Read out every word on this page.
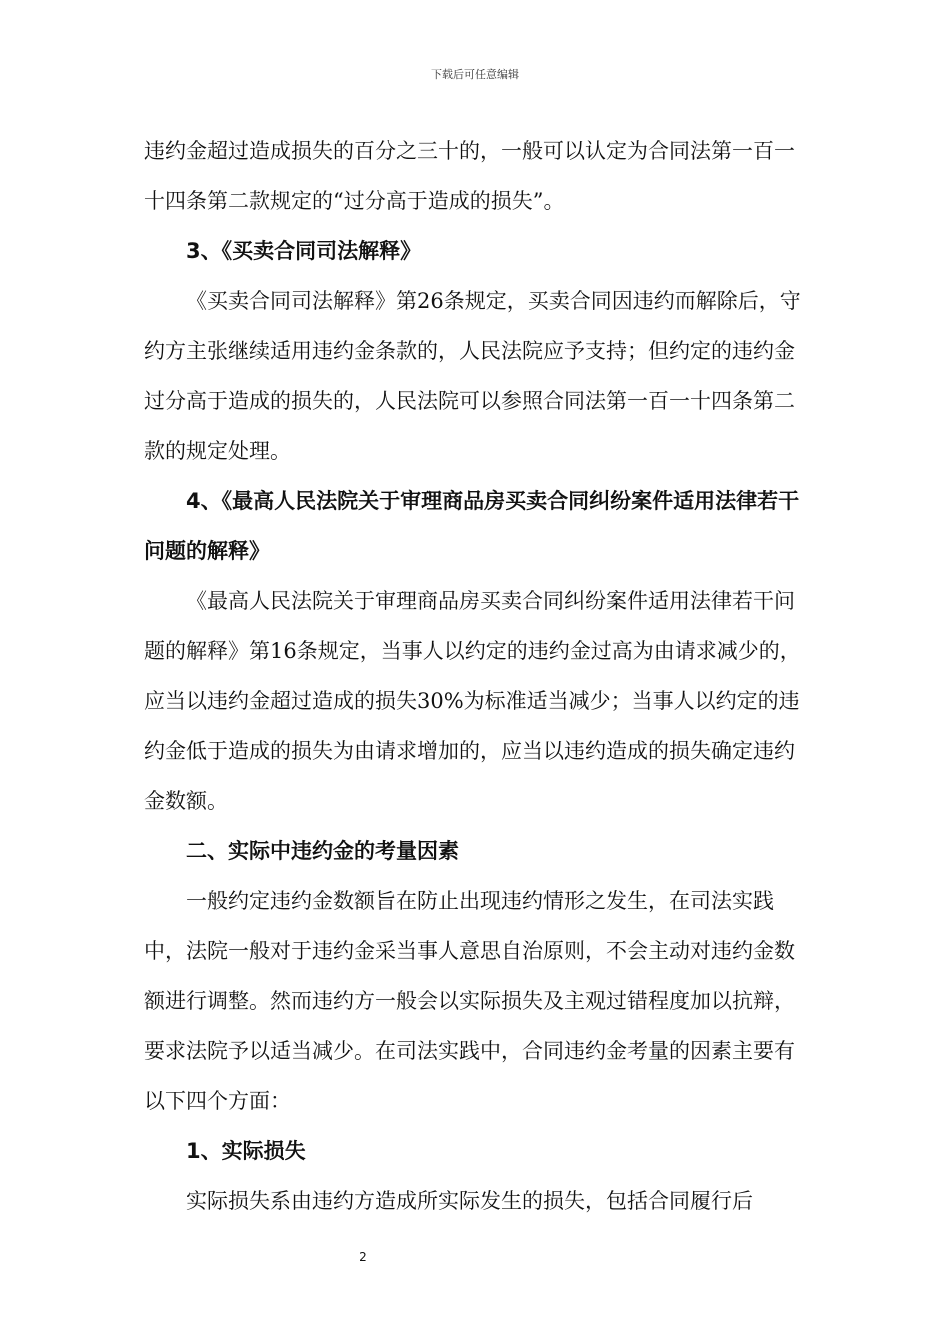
下载后可任意编辑

违约金超过造成损失的百分之三十的，一般可以认定为合同法第一百一十四条第二款规定的“过分高于造成的损失”。

3、《买卖合同司法解释》

《买卖合同司法解释》第26条规定，买卖合同因违约而解除后，守约方主张继续适用违约金条款的，人民法院应予支持；但约定的违约金过分高于造成的损失的，人民法院可以参照合同法第一百一十四条第二款的规定处理。

4、《最高人民法院关于审理商品房买卖合同纠纷案件适用法律若干问题的解释》

《最高人民法院关于审理商品房买卖合同纠纷案件适用法律若干问题的解释》第16条规定，当事人以约定的违约金过高为由请求减少的，应当以违约金超过造成的损失30%为标准适当减少；当事人以约定的违约金低于造成的损失为由请求增加的，应当以违约造成的损失确定违约金数额。

二、实际中违约金的考量因素

一般约定违约金数额旨在防止出现违约情形之发生，在司法实践中，法院一般对于违约金采当事人意思自治原则，不会主动对违约金数额进行调整。然而违约方一般会以实际损失及主观过错程度加以抗辩，要求法院予以适当减少。在司法实践中，合同违约金考量的因素主要有以下四个方面：

1、实际损失

实际损失系由违约方造成所实际发生的损失，包括合同履行后

2
